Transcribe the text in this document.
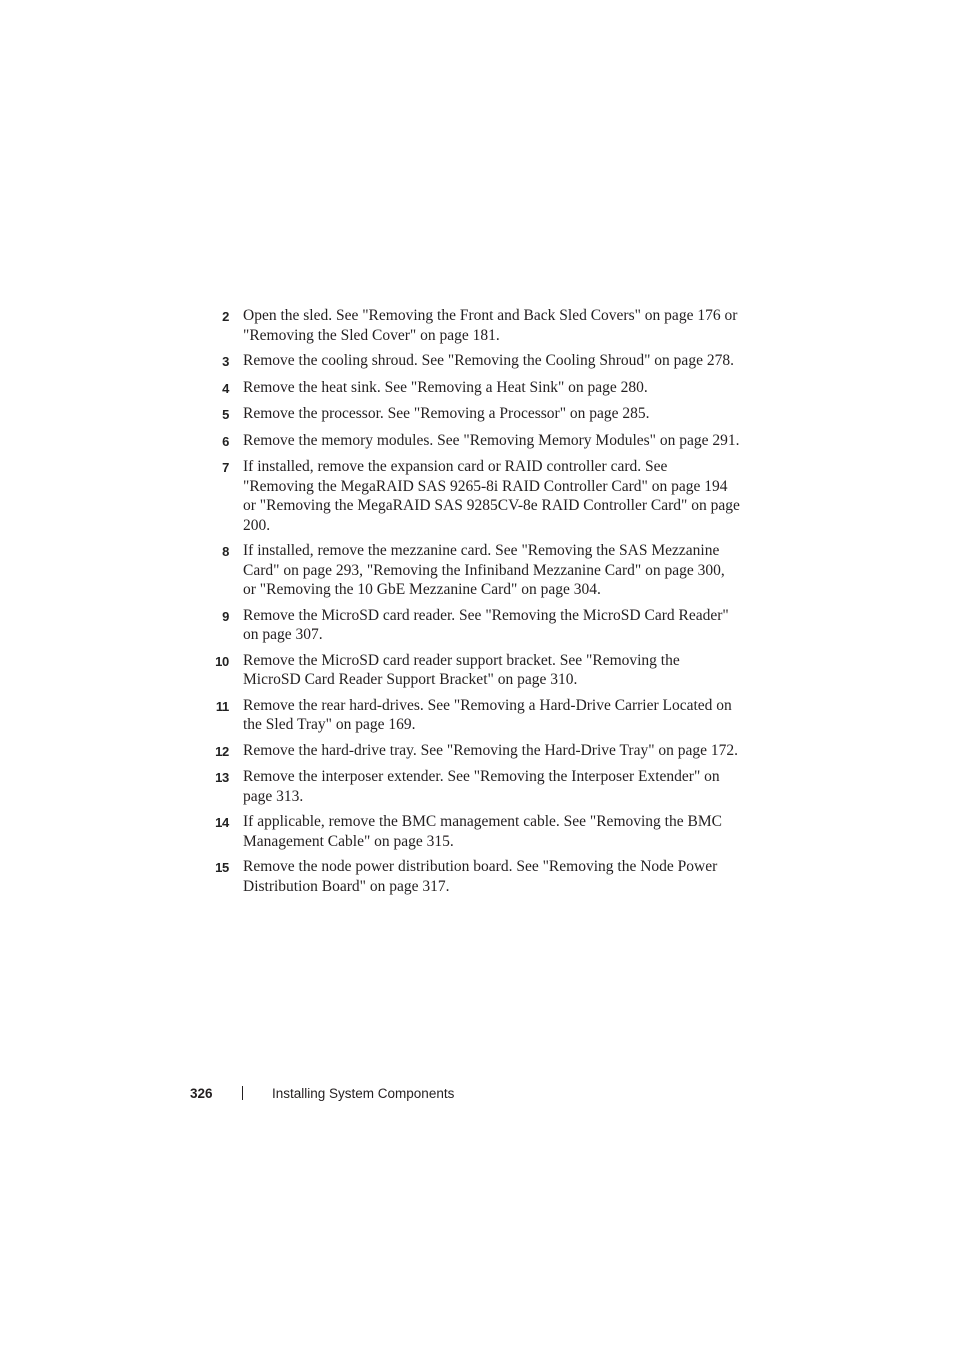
2 Open the sled. See "Removing the Front and Back Sled Covers" on page 176 or "Removing the Sled Cover" on page 181.
3 Remove the cooling shroud. See "Removing the Cooling Shroud" on page 278.
4 Remove the heat sink. See "Removing a Heat Sink" on page 280.
5 Remove the processor. See "Removing a Processor" on page 285.
6 Remove the memory modules. See "Removing Memory Modules" on page 291.
7 If installed, remove the expansion card or RAID controller card. See "Removing the MegaRAID SAS 9265-8i RAID Controller Card" on page 194 or "Removing the MegaRAID SAS 9285CV-8e RAID Controller Card" on page 200.
8 If installed, remove the mezzanine card. See "Removing the SAS Mezzanine Card" on page 293, "Removing the Infiniband Mezzanine Card" on page 300, or "Removing the 10 GbE Mezzanine Card" on page 304.
9 Remove the MicroSD card reader. See "Removing the MicroSD Card Reader" on page 307.
10 Remove the MicroSD card reader support bracket. See "Removing the MicroSD Card Reader Support Bracket" on page 310.
11 Remove the rear hard-drives. See "Removing a Hard-Drive Carrier Located on the Sled Tray" on page 169.
12 Remove the hard-drive tray. See "Removing the Hard-Drive Tray" on page 172.
13 Remove the interposer extender. See "Removing the Interposer Extender" on page 313.
14 If applicable, remove the BMC management cable. See "Removing the BMC Management Cable" on page 315.
15 Remove the node power distribution board. See "Removing the Node Power Distribution Board" on page 317.
326	Installing System Components
